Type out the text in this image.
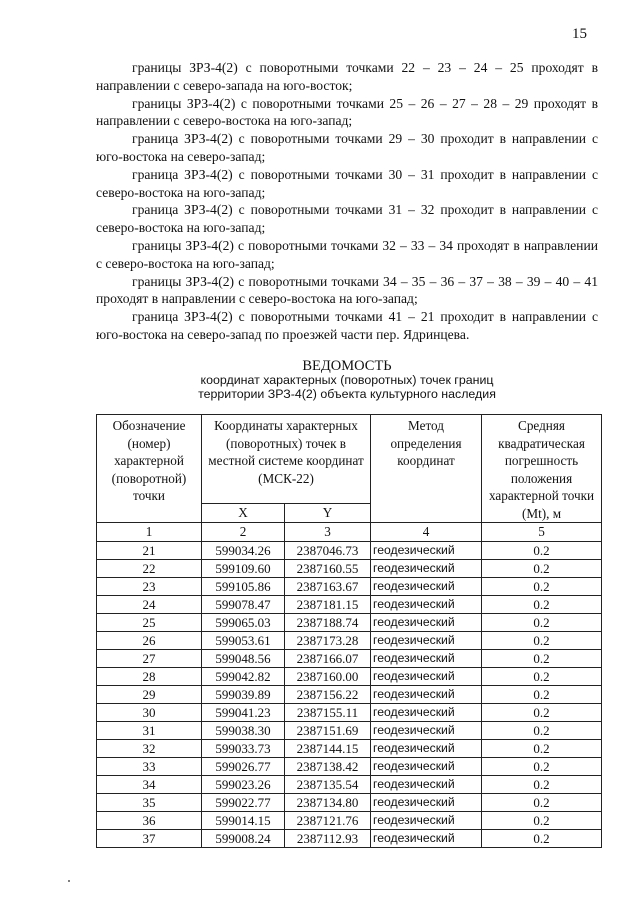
15

границы ЗРЗ-4(2) с поворотными точками 22 – 23 – 24 – 25 проходят в направлении с северо-запада на юго-восток;

границы ЗРЗ-4(2) с поворотными точками 25 – 26 – 27 – 28 – 29 проходят в направлении с северо-востока на юго-запад;

граница ЗРЗ-4(2) с поворотными точками 29 – 30 проходит в направлении с юго-востока на северо-запад;

граница ЗРЗ-4(2) с поворотными точками 30 – 31 проходит в направлении с северо-востока на юго-запад;

граница ЗРЗ-4(2) с поворотными точками 31 – 32 проходит в направлении с северо-востока на юго-запад;

границы ЗРЗ-4(2) с поворотными точками 32 – 33 – 34 проходят в направлении с северо-востока на юго-запад;

границы ЗРЗ-4(2) с поворотными точками 34 – 35 – 36 – 37 – 38 – 39 – 40 – 41 проходят в направлении с северо-востока на юго-запад;

граница ЗРЗ-4(2) с поворотными точками 41 – 21 проходит в направлении с юго-востока на северо-запад по проезжей части пер. Ядринцева.

ВЕДОМОСТЬ
координат характерных (поворотных) точек границ
территории ЗРЗ-4(2) объекта культурного наследия
Обозначение (номер) характерной (поворотной) точки	Координаты характерных (поворотных) точек в местной системе координат (МСК-22)		Метод определения координат	Средняя квадратическая погрешность положения характерной точки (Mt), м
	X	Y		
1	2	3	4	5
21	599034.26	2387046.73	геодезический	0.2
22	599109.60	2387160.55	геодезический	0.2
23	599105.86	2387163.67	геодезический	0.2
24	599078.47	2387181.15	геодезический	0.2
25	599065.03	2387188.74	геодезический	0.2
26	599053.61	2387173.28	геодезический	0.2
27	599048.56	2387166.07	геодезический	0.2
28	599042.82	2387160.00	геодезический	0.2
29	599039.89	2387156.22	геодезический	0.2
30	599041.23	2387155.11	геодезический	0.2
31	599038.30	2387151.69	геодезический	0.2
32	599033.73	2387144.15	геодезический	0.2
33	599026.77	2387138.42	геодезический	0.2
34	599023.26	2387135.54	геодезический	0.2
35	599022.77	2387134.80	геодезический	0.2
36	599014.15	2387121.76	геодезический	0.2
37	599008.24	2387112.93	геодезический	0.2
